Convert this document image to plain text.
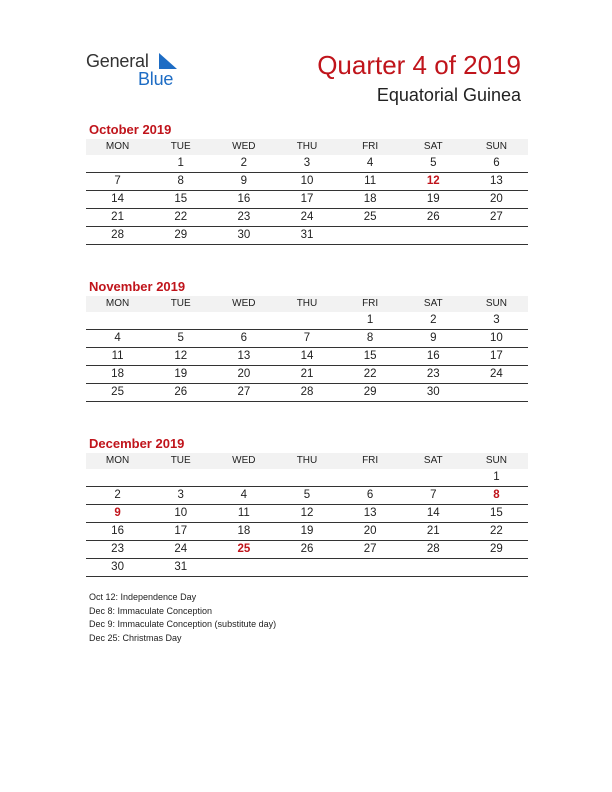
General
Blue	Quarter 4 of 2019
Equatorial Guinea
October 2019
MON	TUE	WED	THU	FRI	SAT	SUN
	1	2	3	4	5	6
7	8	9	10	11	12	13
14	15	16	17	18	19	20
21	22	23	24	25	26	27
28	29	30	31			
November 2019
MON	TUE	WED	THU	FRI	SAT	SUN
				1	2	3
4	5	6	7	8	9	10
11	12	13	14	15	16	17
18	19	20	21	22	23	24
25	26	27	28	29	30	
December 2019
MON	TUE	WED	THU	FRI	SAT	SUN
						1
2	3	4	5	6	7	8
9	10	11	12	13	14	15
16	17	18	19	20	21	22
23	24	25	26	27	28	29
30	31					
Oct 12: Independence Day
Dec 8: Immaculate Conception
Dec 9: Immaculate Conception (substitute day)
Dec 25: Christmas Day
